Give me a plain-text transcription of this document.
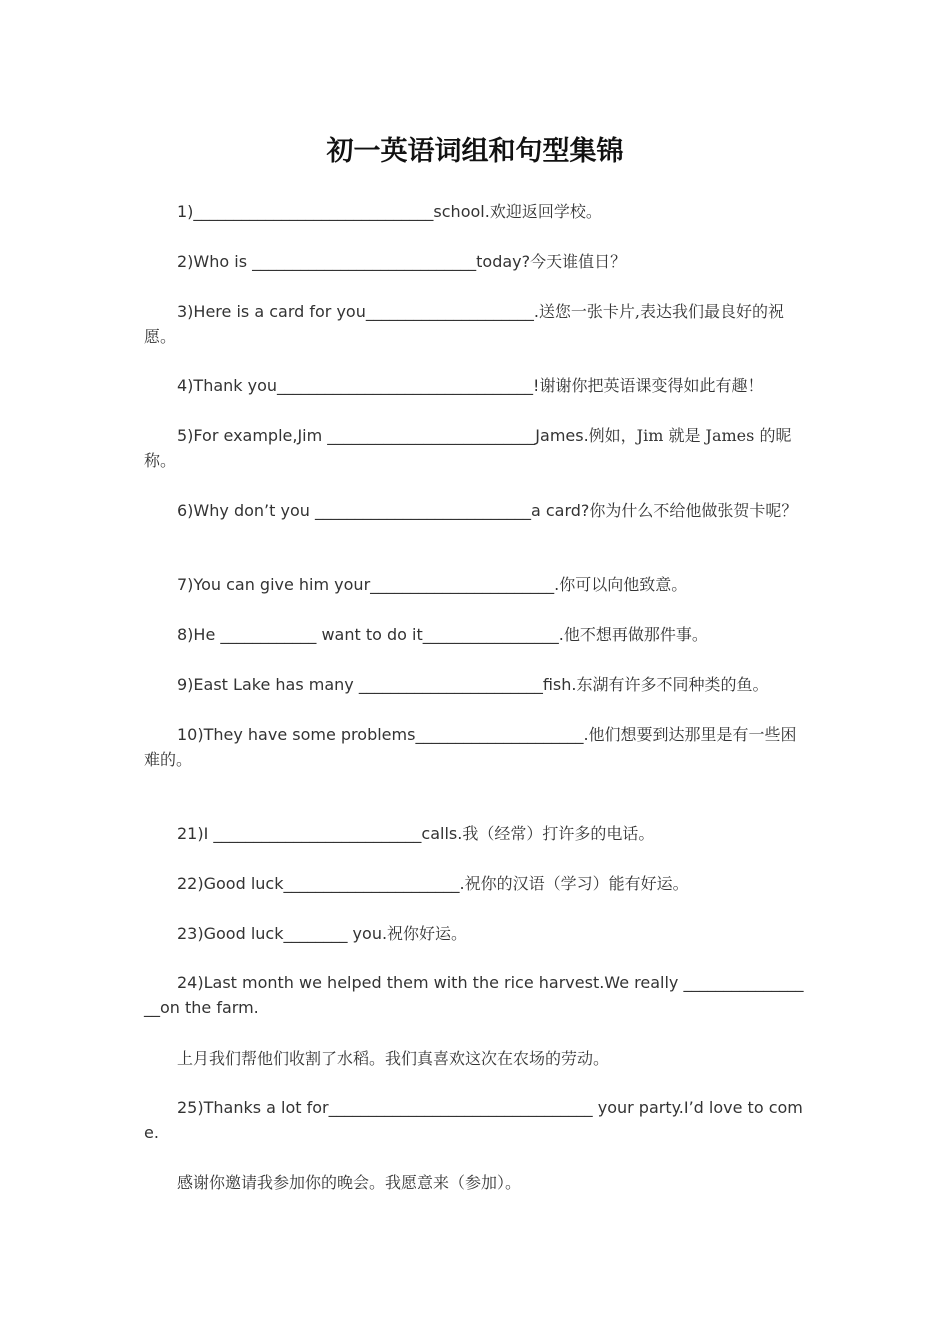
初一英语词组和句型集锦

1)______________________________school.欢迎返回学校。

2)Who is ____________________________today?今天谁值日？

3)Here is a card for you_____________________.送您一张卡片,表达我们最良好的祝愿。

4)Thank you________________________________!谢谢你把英语课变得如此有趣！

5)For example,Jim __________________________James.例如，Jim 就是 James 的昵称。

6)Why don’t you ___________________________a card?你为什么不给他做张贺卡呢？

7)You can give him your_______________________.你可以向他致意。

8)He ____________ want to do it_________________.他不想再做那件事。

9)East Lake has many _______________________fish.东湖有许多不同种类的鱼。

10)They have some problems_____________________.他们想要到达那里是有一些困难的。

21)I __________________________calls.我（经常）打许多的电话。

22)Good luck______________________.祝你的汉语（学习）能有好运。

23)Good luck________ you.祝你好运。

24)Last month we helped them with the rice harvest.We really _________________on the farm.

上月我们帮他们收割了水稻。我们真喜欢这次在农场的劳动。

25)Thanks a lot for_________________________________ your party.I’d love to come.

感谢你邀请我参加你的晚会。我愿意来（参加）。
